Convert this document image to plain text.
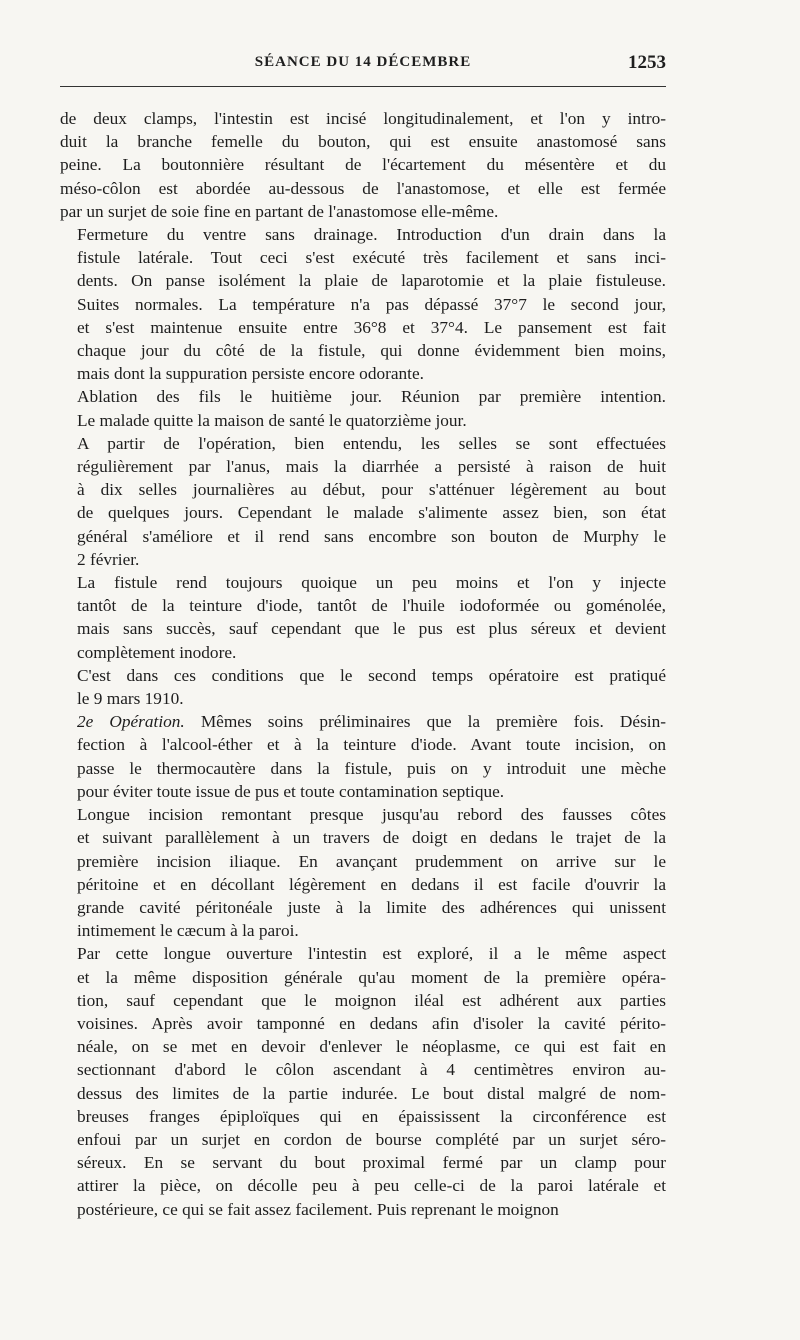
SÉANCE DU 14 DÉCEMBRE	1253

de deux clamps, l'intestin est incisé longitudinalement, et l'on y intro-
duit la branche femelle du bouton, qui est ensuite anastomosé sans
peine. La boutonnière résultant de l'écartement du mésentère et du
méso-côlon est abordée au-dessous de l'anastomose, et elle est fermée
par un surjet de soie fine en partant de l'anastomose elle-même.

Fermeture du ventre sans drainage. Introduction d'un drain dans la
fistule latérale. Tout ceci s'est exécuté très facilement et sans inci-
dents. On panse isolément la plaie de laparotomie et la plaie fistuleuse.
Suites normales. La température n'a pas dépassé 37°7 le second jour,
et s'est maintenue ensuite entre 36°8 et 37°4. Le pansement est fait
chaque jour du côté de la fistule, qui donne évidemment bien moins,
mais dont la suppuration persiste encore odorante.

Ablation des fils le huitième jour. Réunion par première intention.
Le malade quitte la maison de santé le quatorzième jour.

A partir de l'opération, bien entendu, les selles se sont effectuées
régulièrement par l'anus, mais la diarrhée a persisté à raison de huit
à dix selles journalières au début, pour s'atténuer légèrement au bout
de quelques jours. Cependant le malade s'alimente assez bien, son état
général s'améliore et il rend sans encombre son bouton de Murphy le
2 février.

La fistule rend toujours quoique un peu moins et l'on y injecte
tantôt de la teinture d'iode, tantôt de l'huile iodoformée ou goménolée,
mais sans succès, sauf cependant que le pus est plus séreux et devient
complètement inodore.

C'est dans ces conditions que le second temps opératoire est pratiqué
le 9 mars 1910.

2e Opération. Mêmes soins préliminaires que la première fois. Désin-
fection à l'alcool-éther et à la teinture d'iode. Avant toute incision, on
passe le thermocautère dans la fistule, puis on y introduit une mèche
pour éviter toute issue de pus et toute contamination septique.

Longue incision remontant presque jusqu'au rebord des fausses côtes
et suivant parallèlement à un travers de doigt en dedans le trajet de la
première incision iliaque. En avançant prudemment on arrive sur le
péritoine et en décollant légèrement en dedans il est facile d'ouvrir la
grande cavité péritonéale juste à la limite des adhérences qui unissent
intimement le cæcum à la paroi.

Par cette longue ouverture l'intestin est exploré, il a le même aspect
et la même disposition générale qu'au moment de la première opéra-
tion, sauf cependant que le moignon iléal est adhérent aux parties
voisines. Après avoir tamponné en dedans afin d'isoler la cavité périto-
néale, on se met en devoir d'enlever le néoplasme, ce qui est fait en
sectionnant d'abord le côlon ascendant à 4 centimètres environ au-
dessus des limites de la partie indurée. Le bout distal malgré de nom-
breuses franges épiploïques qui en épaississent la circonférence est
enfoui par un surjet en cordon de bourse complété par un surjet séro-
séreux. En se servant du bout proximal fermé par un clamp pour
attirer la pièce, on décolle peu à peu celle-ci de la paroi latérale et
postérieure, ce qui se fait assez facilement. Puis reprenant le moignon
